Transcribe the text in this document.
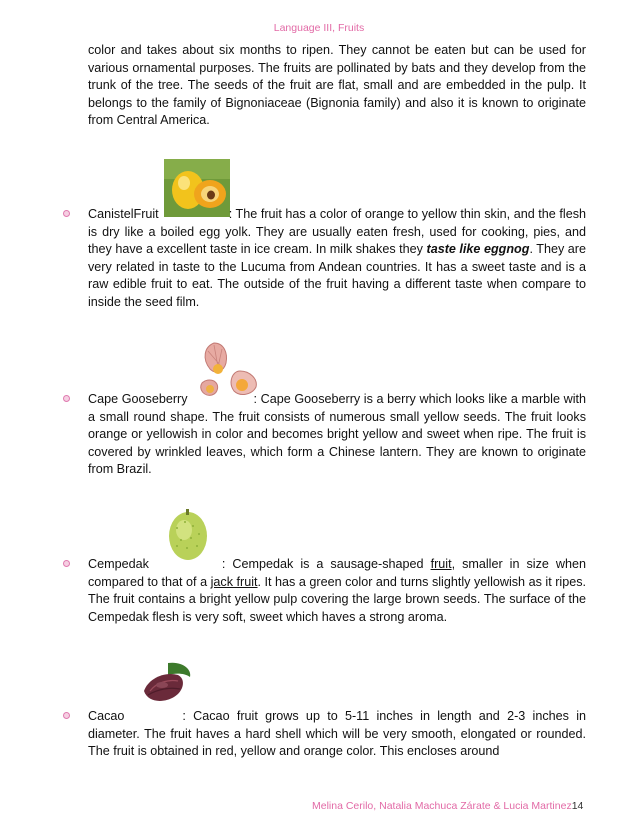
Language III, Fruits

color and takes about six months to ripen. They cannot be eaten but can be used for various ornamental purposes. The fruits are pollinated by bats and they develop from the trunk of the tree. The seeds of the fruit are flat, small and are embedded in the pulp. It belongs to the family of Bignoniaceae (Bignonia family) and also it is known to originate from Central America.

CanistelFruit	: The fruit has a color of orange to yellow thin skin, and the flesh is dry like a boiled egg yolk. They are usually eaten fresh, used for cooking, pies, and they have a excellent taste in ice cream. In milk shakes they taste like eggnog. They are very related in taste to the Lucuma from Andean countries. It has a sweet taste and is a raw edible fruit to eat. The outside of the fruit having a different taste when compare to inside the seed film.

Cape Gooseberry	: Cape Gooseberry is a berry which looks like a marble with a small round shape. The fruit consists of numerous small yellow seeds. The fruit looks orange or yellowish in color and becomes bright yellow and sweet when ripe. The fruit is covered by wrinkled leaves, which form a Chinese lantern. They are known to originate from Brazil.

Cempedak	: Cempedak is a sausage-shaped fruit, smaller in size when compared to that of a jack fruit. It has a green color and turns slightly yellowish as it ripes. The fruit contains a bright yellow pulp covering the large brown seeds. The surface of the Cempedak flesh is very soft, sweet which haves a strong aroma.

Cacao	: Cacao fruit grows up to 5-11 inches in length and 2-3 inches in diameter. The fruit haves a hard shell which will be very smooth, elongated or rounded. The fruit is obtained in red, yellow and orange color. This encloses around

Melina Cerilo, Natalia Machuca Zárate & Lucia Martinez14
